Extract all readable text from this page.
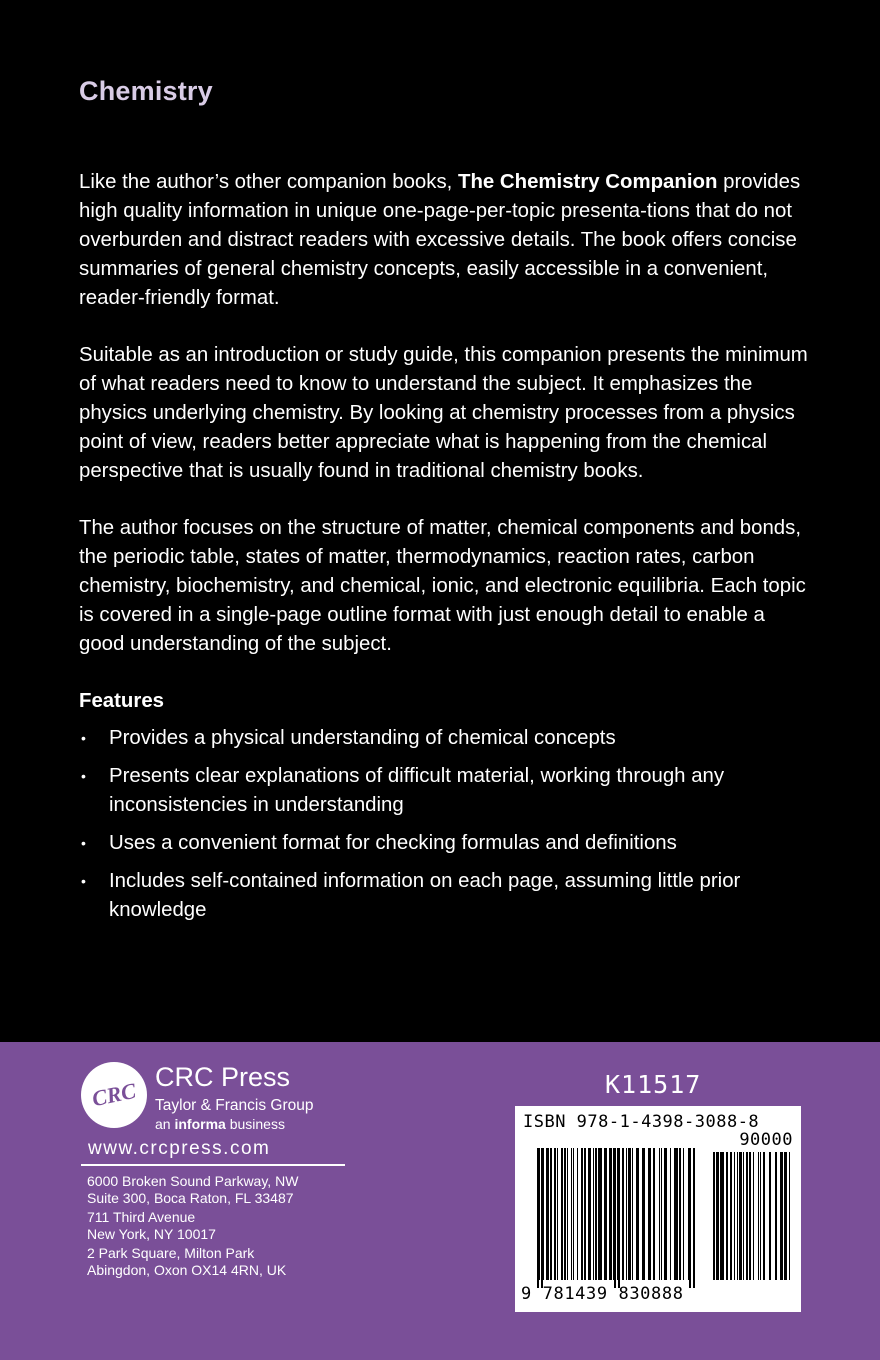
Chemistry

Like the author’s other companion books, The Chemistry Companion provides high quality information in unique one-page-per-topic presenta-tions that do not overburden and distract readers with excessive details. The book offers concise summaries of general chemistry concepts, easily accessible in a convenient, reader-friendly format.

Suitable as an introduction or study guide, this companion presents the minimum of what readers need to know to understand the subject. It emphasizes the physics underlying chemistry. By looking at chemistry processes from a physics point of view, readers better appreciate what is happening from the chemical perspective that is usually found in traditional chemistry books.

The author focuses on the structure of matter, chemical components and bonds, the periodic table, states of matter, thermodynamics, reaction rates, carbon chemistry, biochemistry, and chemical, ionic, and electronic equilibria. Each topic is covered in a single-page outline format with just enough detail to enable a good understanding of the subject.

Features
• Provides a physical understanding of chemical concepts
• Presents clear explanations of difficult material, working through any inconsistencies in understanding
• Uses a convenient format for checking formulas and definitions
• Includes self-contained information on each page, assuming little prior knowledge
CRC
CRC Press
Taylor & Francis Group
an informa business
www.crcpress.com
6000 Broken Sound Parkway, NW
Suite 300, Boca Raton, FL 33487
711 Third Avenue
New York, NY 10017
2 Park Square, Milton Park
Abingdon, Oxon OX14 4RN, UK
K11517
ISBN 978-1-4398-3088-8
90000
9 781439 830888
